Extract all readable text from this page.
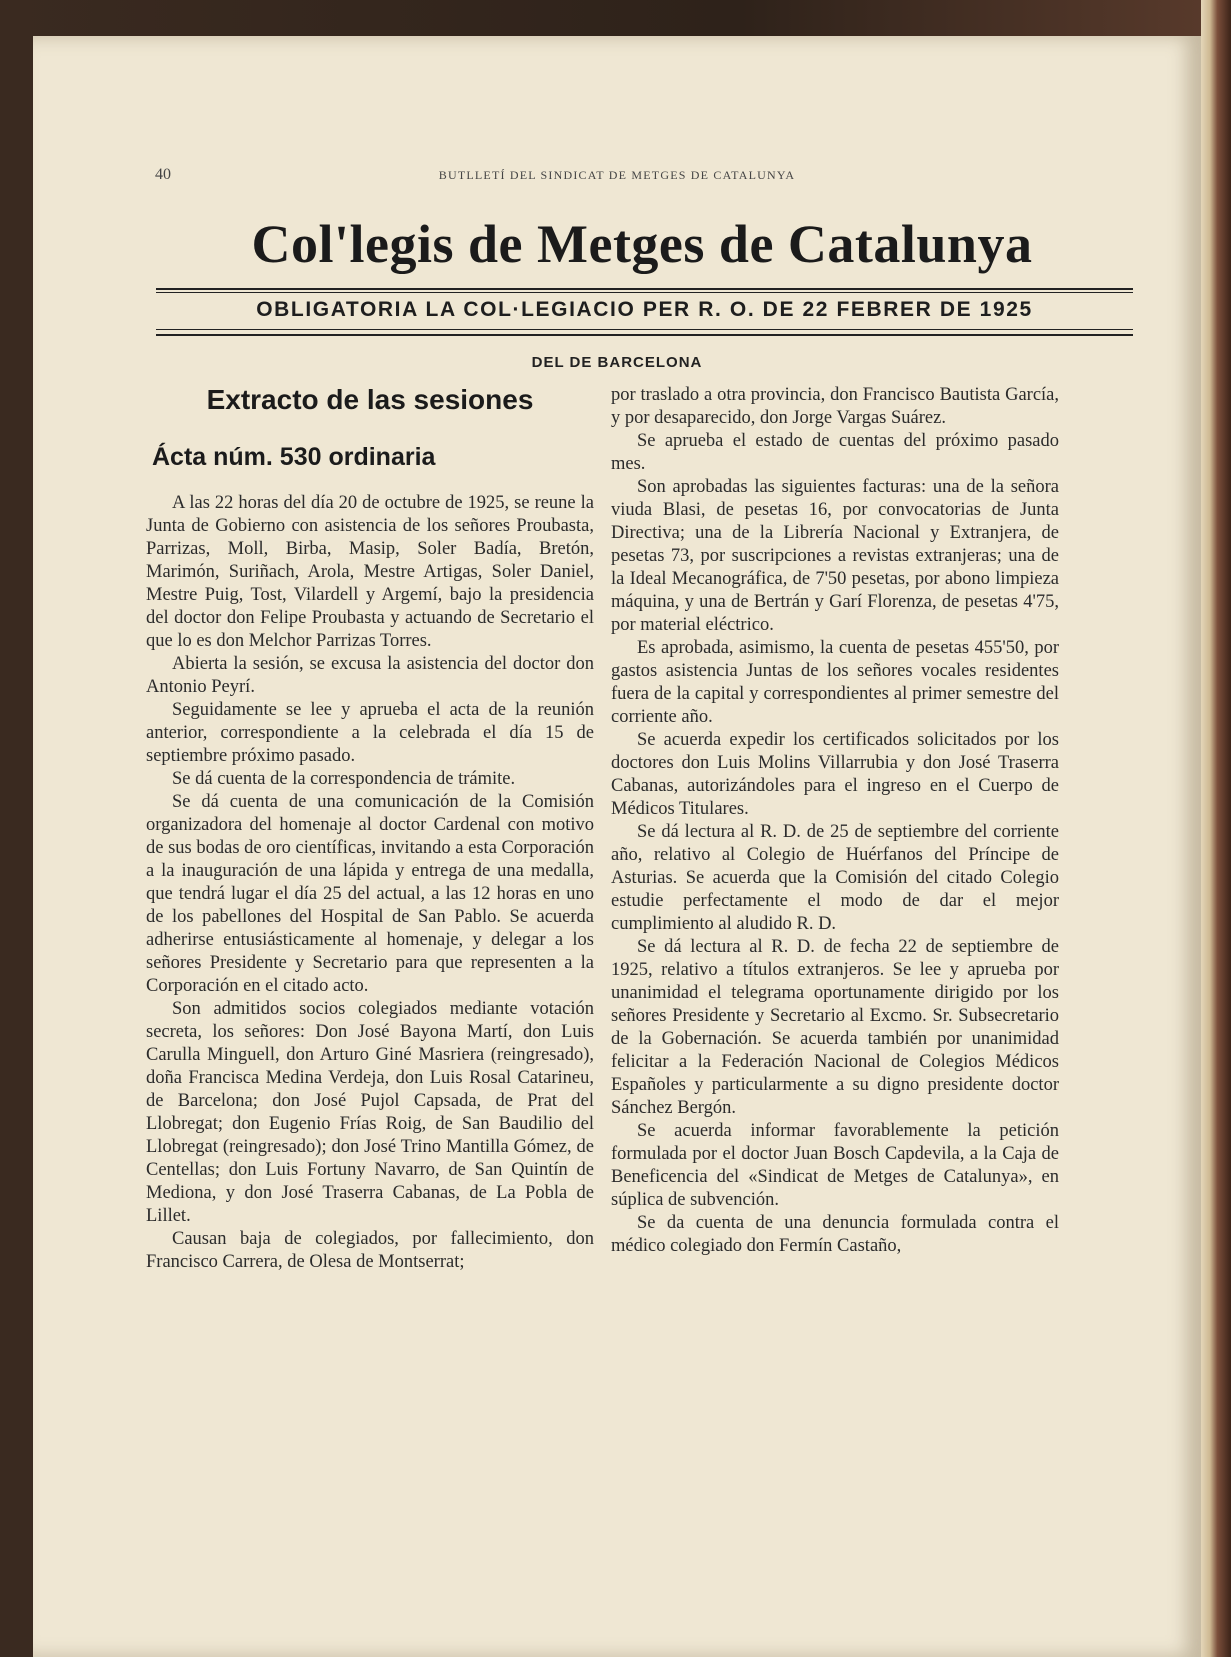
40	BUTLLETÍ DEL SINDICAT DE METGES DE CATALUNYA
Col'legis de Metges de Catalunya
OBLIGATORIA LA COL·LEGIACIO PER R. O. DE 22 FEBRER DE 1925
DEL DE BARCELONA
Extracto de las sesiones
Ácta núm. 530 ordinaria

A las 22 horas del día 20 de octubre de 1925, se reune la Junta de Gobierno con asistencia de los señores Proubasta, Parrizas, Moll, Birba, Masip, Soler Badía, Bretón, Marimón, Suriñach, Arola, Mestre Artigas, Soler Daniel, Mestre Puig, Tost, Vilardell y Argemí, bajo la presidencia del doctor don Felipe Proubasta y actuando de Secretario el que lo es don Melchor Parrizas Torres.

Abierta la sesión, se excusa la asistencia del doctor don Antonio Peyrí.

Seguidamente se lee y aprueba el acta de la reunión anterior, correspondiente a la celebrada el día 15 de septiembre próximo pasado.

Se dá cuenta de la correspondencia de trámite.

Se dá cuenta de una comunicación de la Comisión organizadora del homenaje al doctor Cardenal con motivo de sus bodas de oro científicas, invitando a esta Corporación a la inauguración de una lápida y entrega de una medalla, que tendrá lugar el día 25 del actual, a las 12 horas en uno de los pabellones del Hospital de San Pablo. Se acuerda adherirse entusiásticamente al homenaje, y delegar a los señores Presidente y Secretario para que representen a la Corporación en el citado acto.

Son admitidos socios colegiados mediante votación secreta, los señores: Don José Bayona Martí, don Luis Carulla Minguell, don Arturo Giné Masriera (reingresado), doña Francisca Medina Verdeja, don Luis Rosal Catarineu, de Barcelona; don José Pujol Capsada, de Prat del Llobregat; don Eugenio Frías Roig, de San Baudilio del Llobregat (reingresado); don José Trino Mantilla Gómez, de Centellas; don Luis Fortuny Navarro, de San Quintín de Mediona, y don José Traserra Cabanas, de La Pobla de Lillet.

Causan baja de colegiados, por fallecimiento, don Francisco Carrera, de Olesa de Montserrat;

por traslado a otra provincia, don Francisco Bautista García, y por desaparecido, don Jorge Vargas Suárez.

Se aprueba el estado de cuentas del próximo pasado mes.

Son aprobadas las siguientes facturas: una de la señora viuda Blasi, de pesetas 16, por convocatorias de Junta Directiva; una de la Librería Nacional y Extranjera, de pesetas 73, por suscripciones a revistas extranjeras; una de la Ideal Mecanográfica, de 7'50 pesetas, por abono limpieza máquina, y una de Bertrán y Garí Florenza, de pesetas 4'75, por material eléctrico.

Es aprobada, asimismo, la cuenta de pesetas 455'50, por gastos asistencia Juntas de los señores vocales residentes fuera de la capital y correspondientes al primer semestre del corriente año.

Se acuerda expedir los certificados solicitados por los doctores don Luis Molins Villarrubia y don José Traserra Cabanas, autorizándoles para el ingreso en el Cuerpo de Médicos Titulares.

Se dá lectura al R. D. de 25 de septiembre del corriente año, relativo al Colegio de Huérfanos del Príncipe de Asturias. Se acuerda que la Comisión del citado Colegio estudie perfectamente el modo de dar el mejor cumplimiento al aludido R. D.

Se dá lectura al R. D. de fecha 22 de septiembre de 1925, relativo a títulos extranjeros. Se lee y aprueba por unanimidad el telegrama oportunamente dirigido por los señores Presidente y Secretario al Excmo. Sr. Subsecretario de la Gobernación. Se acuerda también por unanimidad felicitar a la Federación Nacional de Colegios Médicos Españoles y particularmente a su digno presidente doctor Sánchez Bergón.

Se acuerda informar favorablemente la petición formulada por el doctor Juan Bosch Capdevila, a la Caja de Beneficencia del «Sindicat de Metges de Catalunya», en súplica de subvención.

Se da cuenta de una denuncia formulada contra el médico colegiado don Fermín Castaño,
